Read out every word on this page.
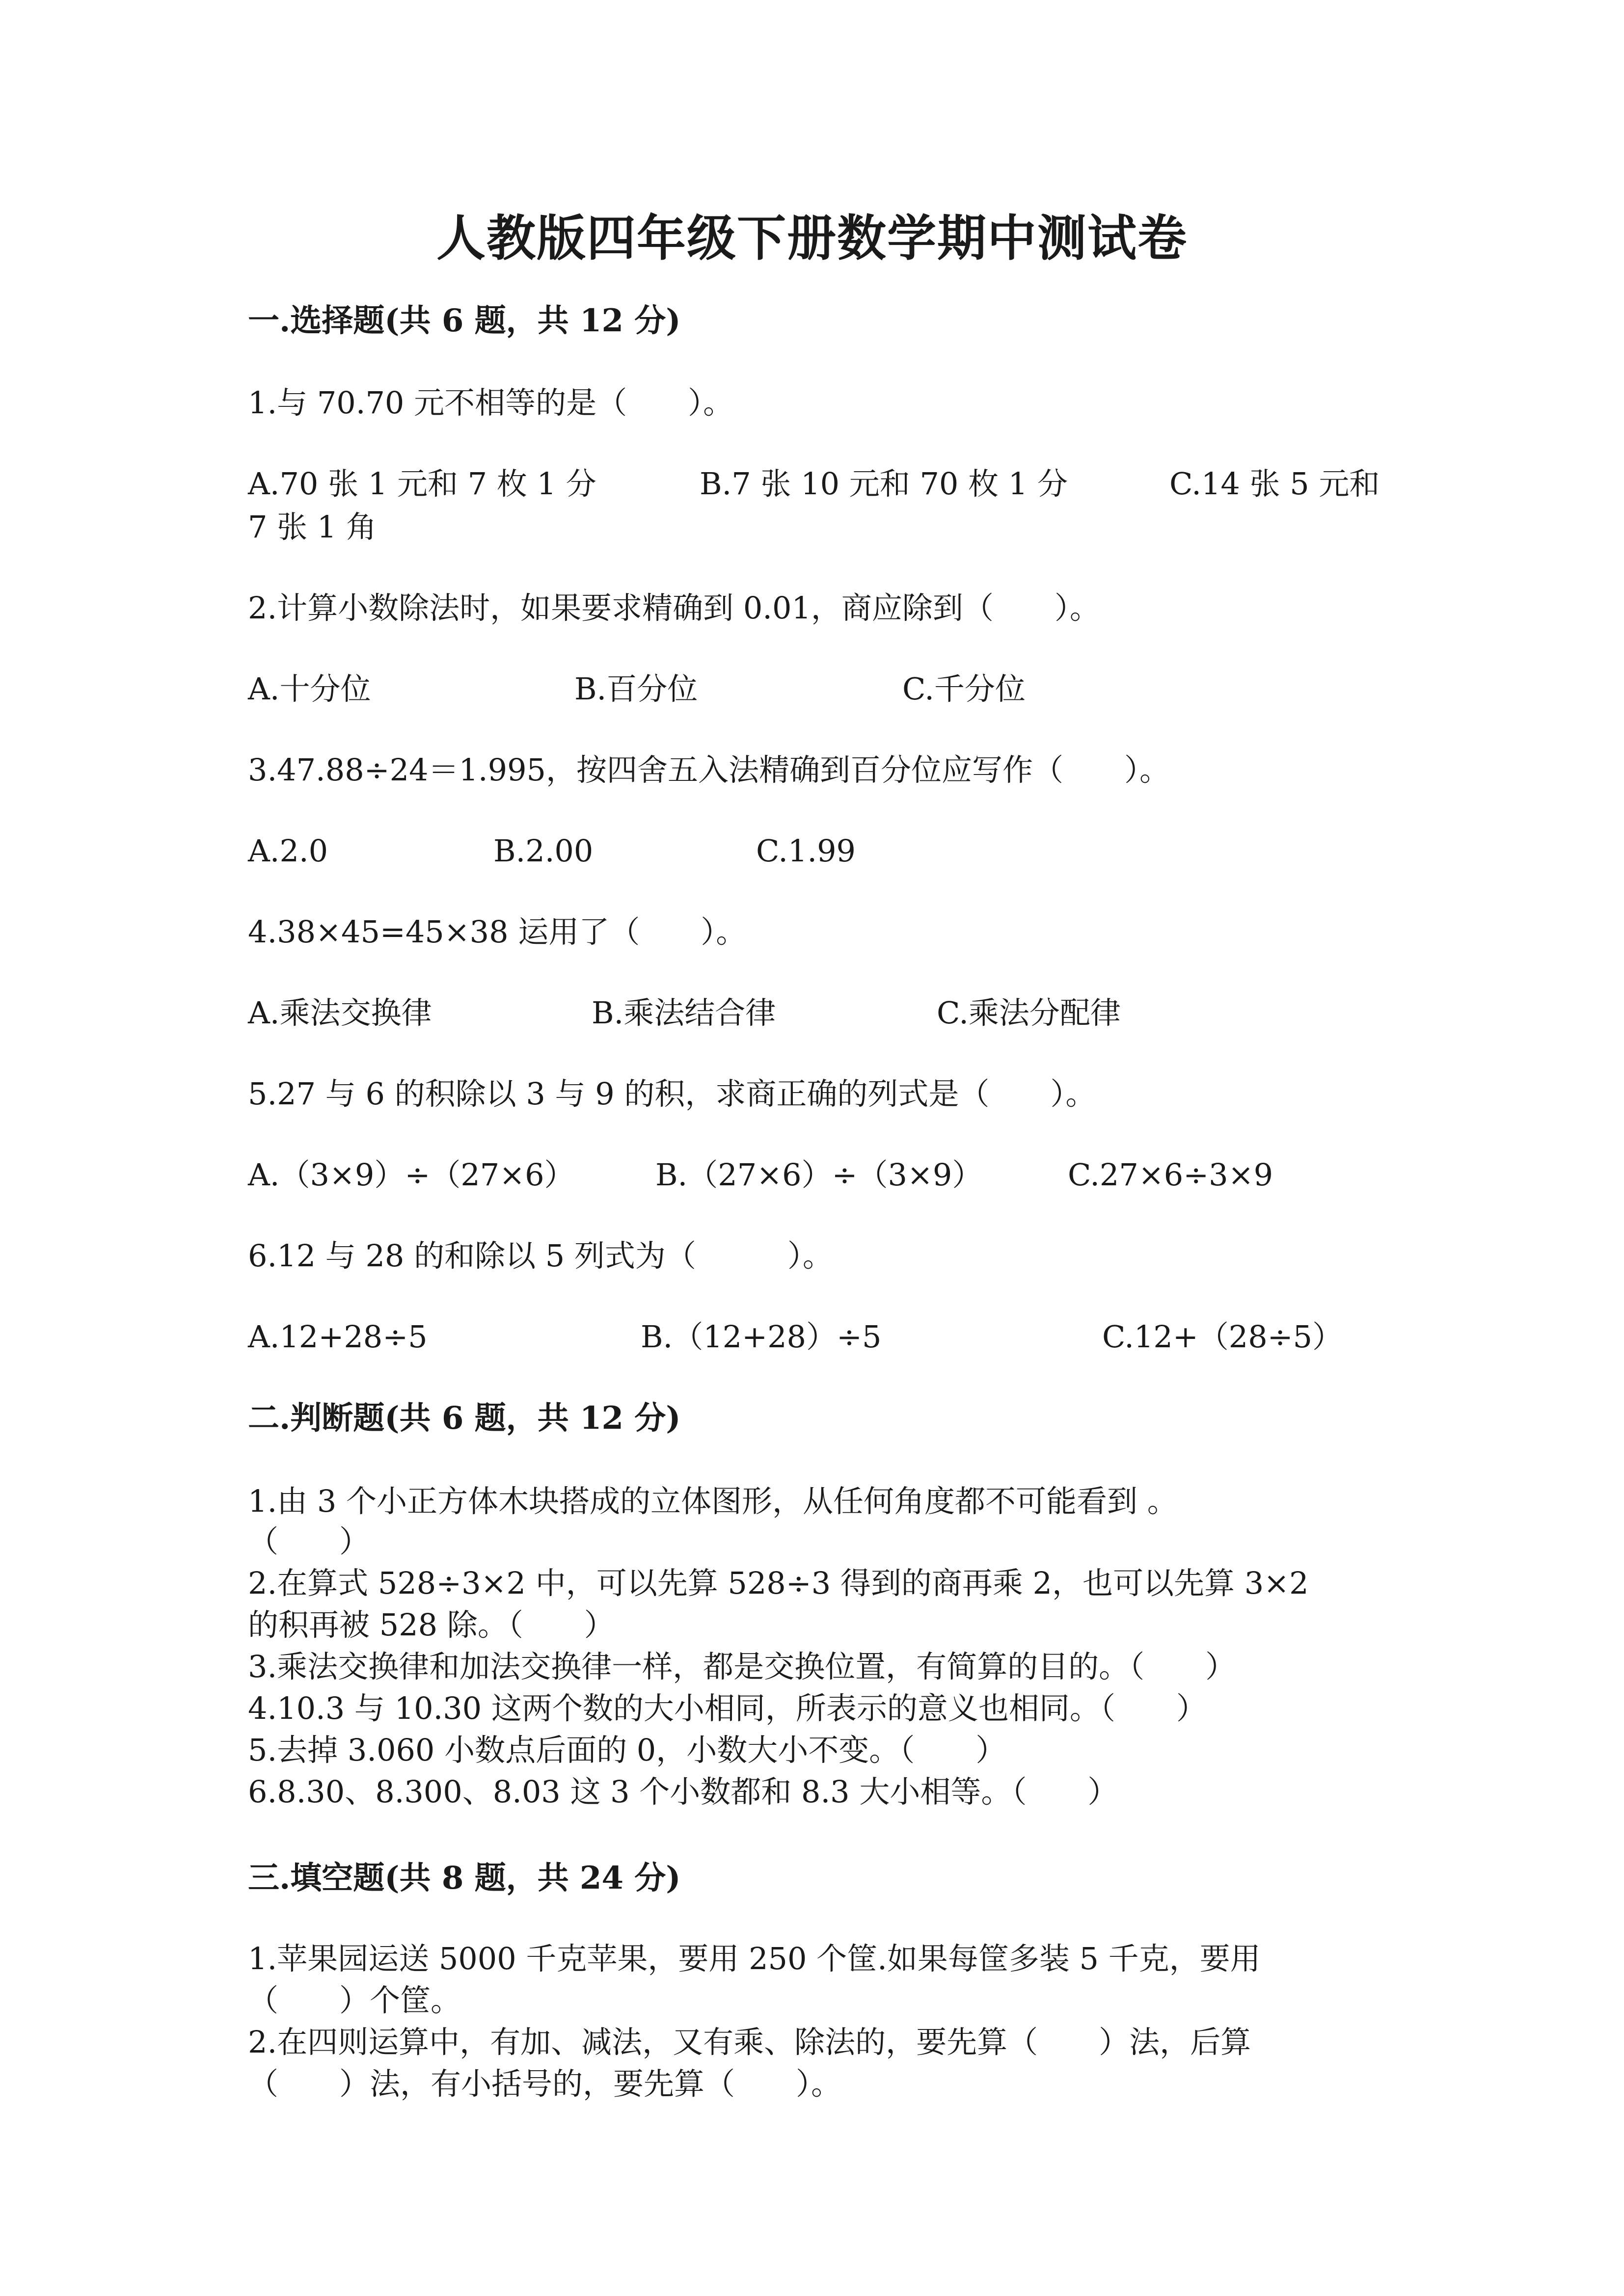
人教版四年级下册数学期中测试卷
一.选择题(共 6 题，共 12 分)
1.与 70.70 元不相等的是（　　）。
A.70 张 1 元和 7 枚 1 分	B.7 张 10 元和 70 枚 1 分	C.14 张 5 元和
7 张 1 角
2.计算小数除法时，如果要求精确到 0.01，商应除到（　　）。
A.十分位	B.百分位	C.千分位
3.47.88÷24＝1.995，按四舍五入法精确到百分位应写作（　　）。
A.2.0	B.2.00	C.1.99
4.38×45=45×38 运用了（　　）。
A.乘法交换律	B.乘法结合律	C.乘法分配律
5.27 与 6 的积除以 3 与 9 的积，求商正确的列式是（　　）。
A.（3×9）÷（27×6）	B.（27×6）÷（3×9）	C.27×6÷3×9
6.12 与 28 的和除以 5 列式为（　　　）。
A.12+28÷5	B.（12+28）÷5	C.12+（28÷5）
二.判断题(共 6 题，共 12 分)
1.由 3 个小正方体木块搭成的立体图形，从任何角度都不可能看到 。
（　　）
2.在算式 528÷3×2 中，可以先算 528÷3 得到的商再乘 2，也可以先算 3×2
的积再被 528 除。（　　）
3.乘法交换律和加法交换律一样，都是交换位置，有简算的目的。（　　）
4.10.3 与 10.30 这两个数的大小相同，所表示的意义也相同。（　　）
5.去掉 3.060 小数点后面的 0，小数大小不变。（　　）
6.8.30、8.300、8.03 这 3 个小数都和 8.3 大小相等。（　　）
三.填空题(共 8 题，共 24 分)
1.苹果园运送 5000 千克苹果，要用 250 个筐.如果每筐多装 5 千克，要用
（　　）个筐。
2.在四则运算中，有加、减法，又有乘、除法的，要先算（　　）法，后算
（　　）法，有小括号的，要先算（　　）。
